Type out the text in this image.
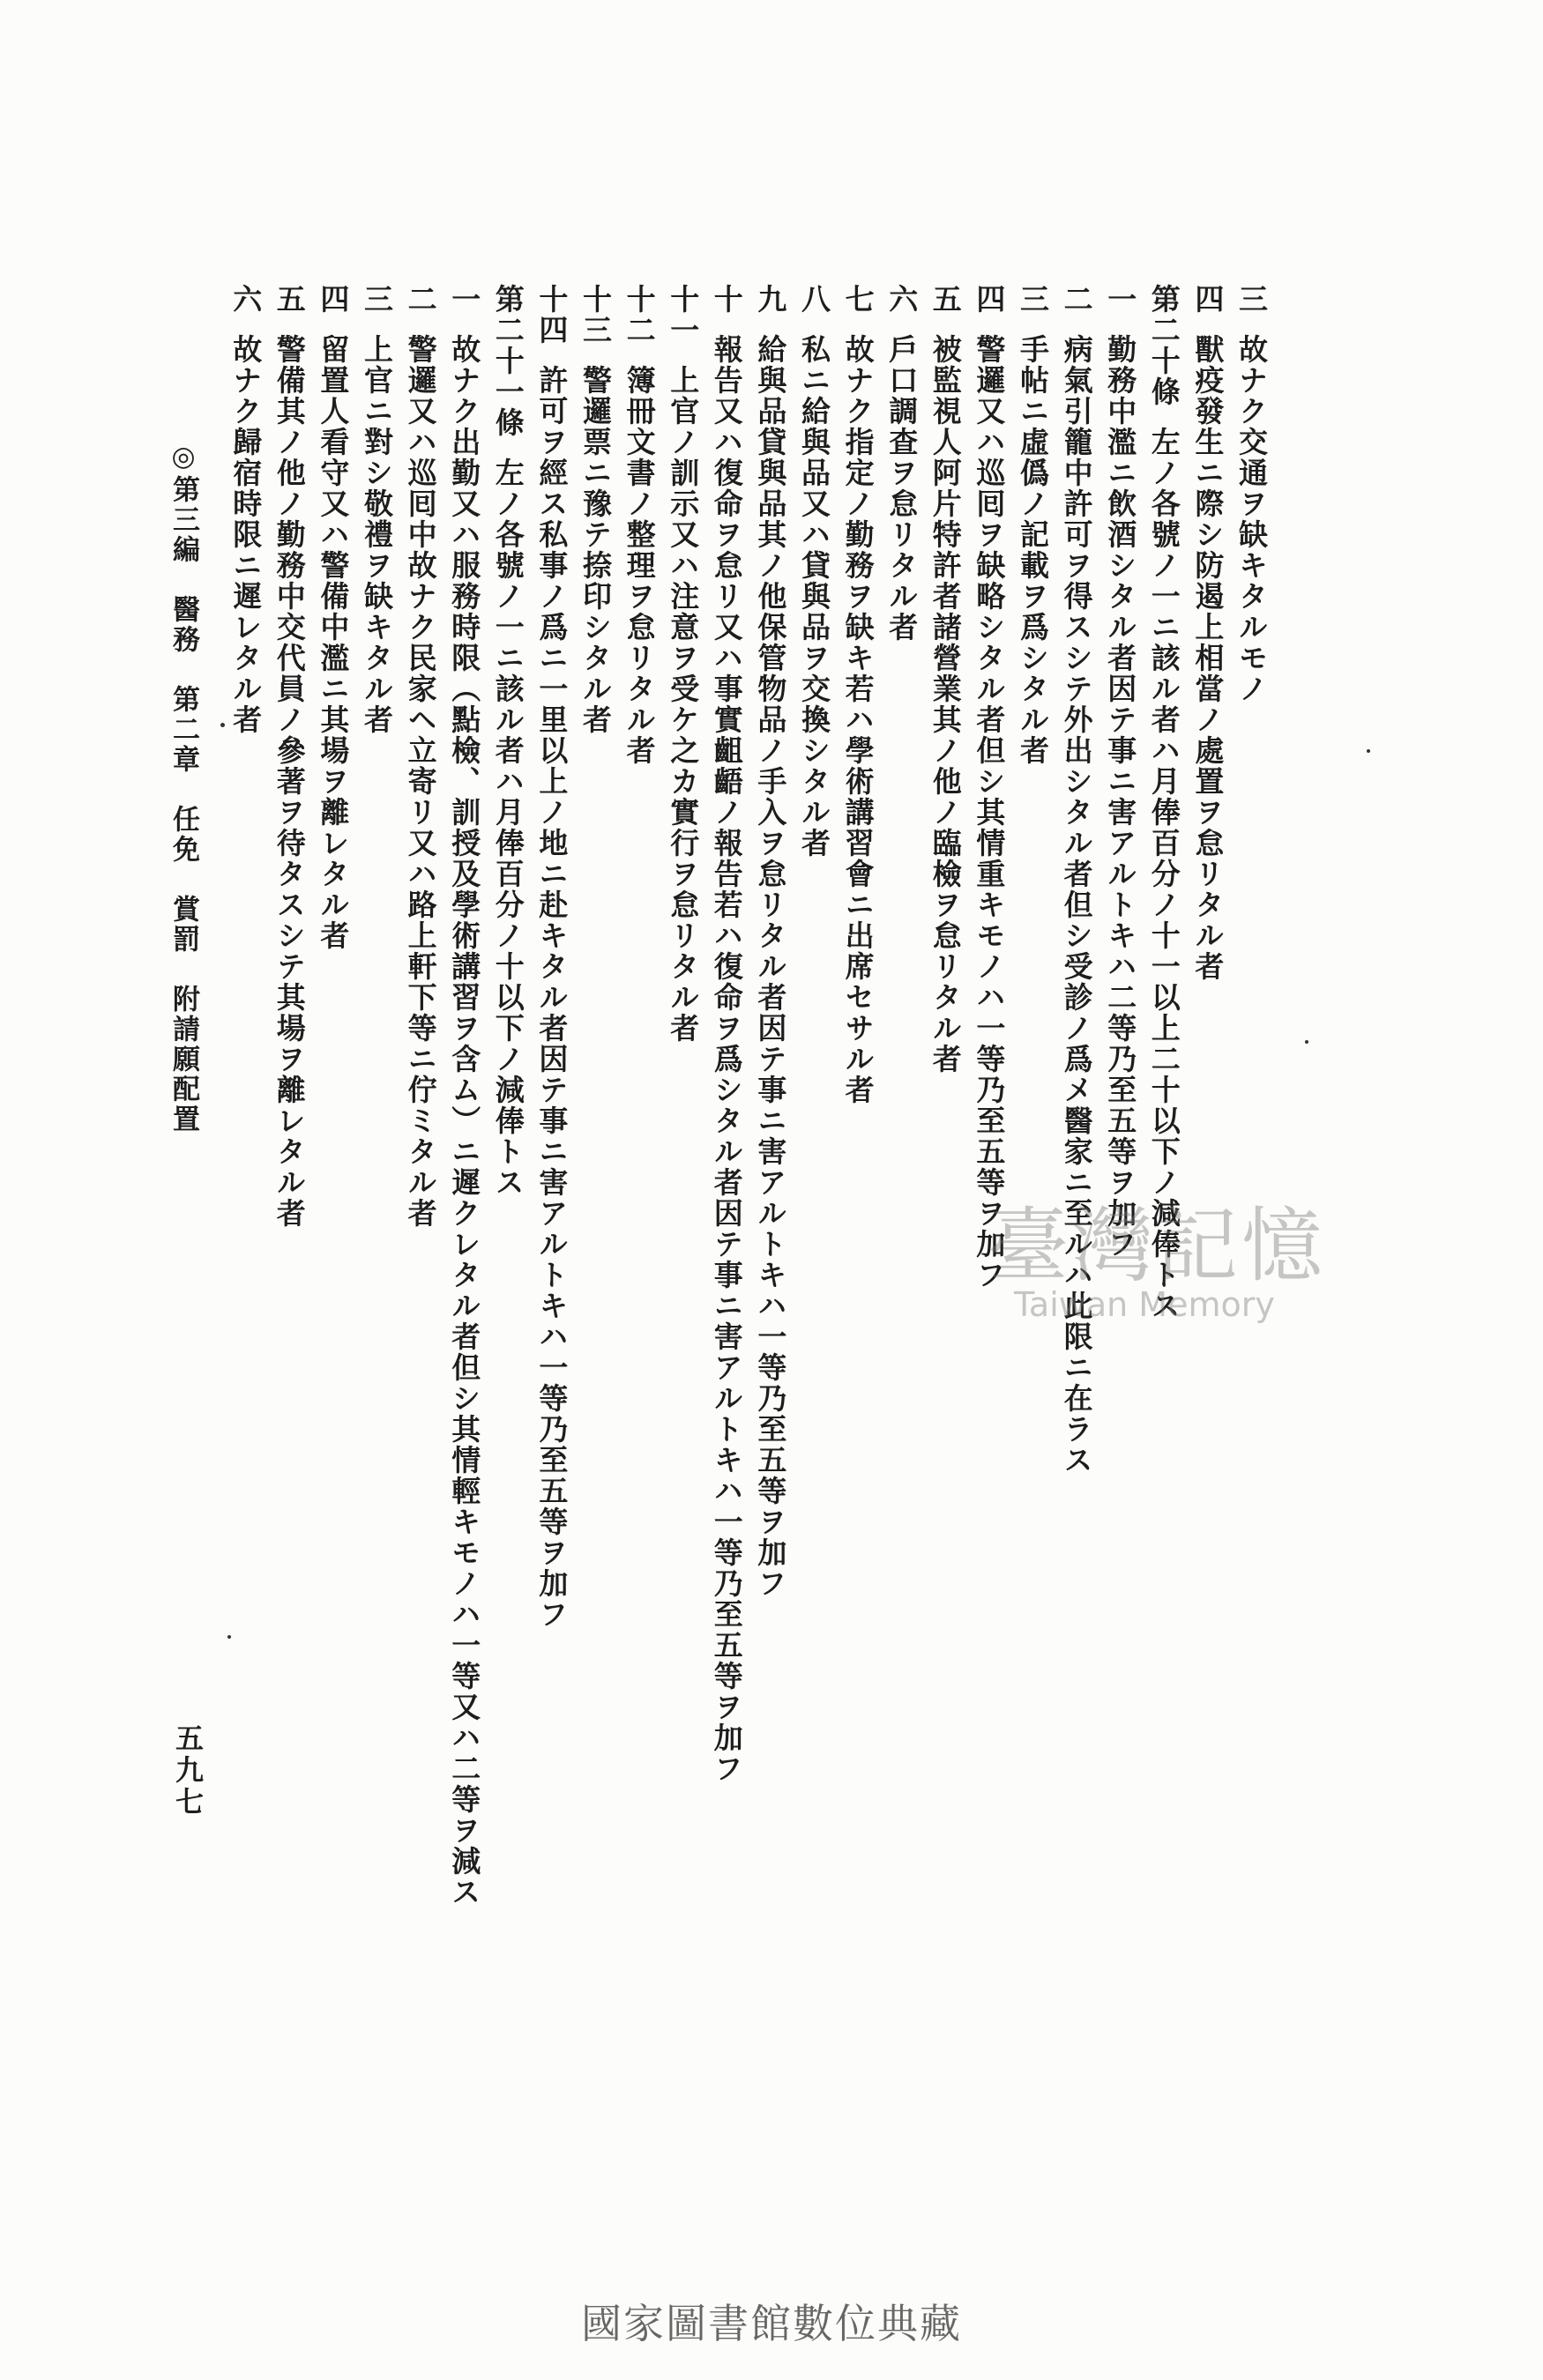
三故ナク交通ヲ缺キタルモノ
四獸疫發生ニ際シ防遏上相當ノ處置ヲ怠リタル者
第二十條左ノ各號ノ一ニ該ル者ハ月俸百分ノ十一以上二十以下ノ減俸トス
一勤務中濫ニ飲酒シタル者因テ事ニ害アルトキハ二等乃至五等ヲ加フ
二病氣引籠中許可ヲ得スシテ外出シタル者但シ受診ノ爲メ醫家ニ至ルハ此限ニ在ラス
三手帖ニ虛僞ノ記載ヲ爲シタル者
四警邏又ハ巡囘ヲ缺略シタル者但シ其情重キモノハ一等乃至五等ヲ加フ
五被監視人阿片特許者諸營業其ノ他ノ臨檢ヲ怠リタル者
六戶口調查ヲ怠リタル者
七故ナク指定ノ勤務ヲ缺キ若ハ學術講習會ニ出席セサル者
八私ニ給與品又ハ貸與品ヲ交換シタル者
九給與品貸與品其ノ他保管物品ノ手入ヲ怠リタル者因テ事ニ害アルトキハ一等乃至五等ヲ加フ
十報告又ハ復命ヲ怠リ又ハ事實齟齬ノ報告若ハ復命ヲ爲シタル者因テ事ニ害アルトキハ一等乃至五等ヲ加フ
十一上官ノ訓示又ハ注意ヲ受ケ之カ實行ヲ怠リタル者
十二簿冊文書ノ整理ヲ怠リタル者
十三警邏票ニ豫テ捺印シタル者
十四許可ヲ經ス私事ノ爲ニ一里以上ノ地ニ赴キタル者因テ事ニ害アルトキハ一等乃至五等ヲ加フ
第二十一條左ノ各號ノ一ニ該ル者ハ月俸百分ノ十以下ノ減俸トス
一故ナク出勤又ハ服務時限（點檢、訓授及學術講習ヲ含ム）ニ遲クレタル者但シ其情輕キモノハ一等又ハ二等ヲ減ス
二警邏又ハ巡囘中故ナク民家ヘ立寄リ又ハ路上軒下等ニ佇ミタル者
三上官ニ對シ敬禮ヲ缺キタル者
四留置人看守又ハ警備中濫ニ其場ヲ離レタル者
五警備其ノ他ノ勤務中交代員ノ參著ヲ待タスシテ其場ヲ離レタル者
六故ナク歸宿時限ニ遲レタル者
◎第三編　醫務　第二章　任免　賞罰　附請願配置
五九七
臺灣記憶
Taiwan Memory
國家圖書館數位典藏
